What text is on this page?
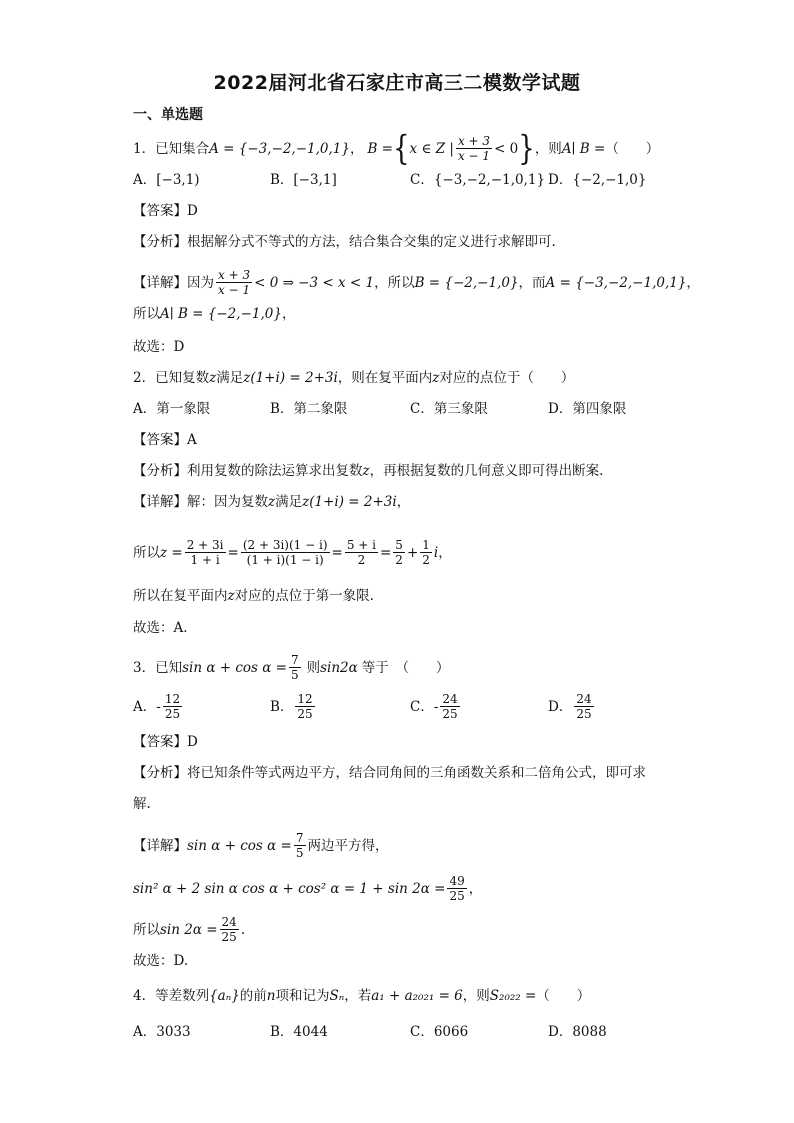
2022届河北省石家庄市高三二模数学试题
一、单选题
1．已知集合 A = {−3,−2,−1,0,1} ， B = { x ∈ Z | $\frac{x + 3}{x - 1} < 0$ } ，则 A∣ B = （　　）
A．[−3,1)	B．[−3,1]	C．{−3,−2,−1,0,1} D．{−2,−1,0}
【答案】 D
【分析】 根据解分式不等式的方法，结合集合交集的定义进行求解即可.
【详解】 因为 $\frac{x + 3}{x - 1} < 0$ ⇒ −3 < x < 1 ，所以 B = {−2,−1,0} ，而 A = {−3,−2,−1,0,1} ，
所以 A∣ B = {−2,−1,0} ，
故选：D
2．已知复数 z 满足 z(1+i) = 2+3i ，则在复平面内 z 对应的点位于（　　）
A．第一象限	B．第二象限	C．第三象限	D．第四象限
【答案】 A
【分析】 利用复数的除法运算求出复数 z ，再根据复数的几何意义即可得出断案.
【详解】 解：因为复数 z 满足 z(1+i) = 2+3i ，
所以 $z = \frac{2 + 3i}{1 + i} = \frac{(2 + 3i)(1 - i)}{(1 + i)(1 - i)} = \frac{5 + i}{2} = \frac{5}{2} + \frac{1}{2}$ i ，
所以在复平面内 z 对应的点位于第一象限.
故选：A.
3．已知 $\sin \alpha + \cos \alpha = \frac{7}{5}$ 则 sin2α 等于　（　　）
A．- $\frac{12}{25}$	B． $\frac{12}{25}$	C．- $\frac{24}{25}$	D． $\frac{24}{25}$
【答案】 D
【分析】 将已知条件等式两边平方，结合同角间的三角函数关系和二倍角公式，即可求
解.
【详解】 $\sin \alpha + \cos \alpha = \frac{7}{5}$ 两边平方得，
sin² α + 2 sin α cos α + cos² $\alpha = 1 + \sin 2\alpha = \frac{49}{25}$ ，
所以 $\sin 2\alpha = \frac{24}{25}$ .
故选：D.
4．等差数列 {aₙ} 的前 n 项和记为 Sₙ ，若 a₁ + a₂₀₂₁ = 6 ，则 S₂₀₂₂ = （　　）
A．3033	B．4044	C．6066	D．8088
